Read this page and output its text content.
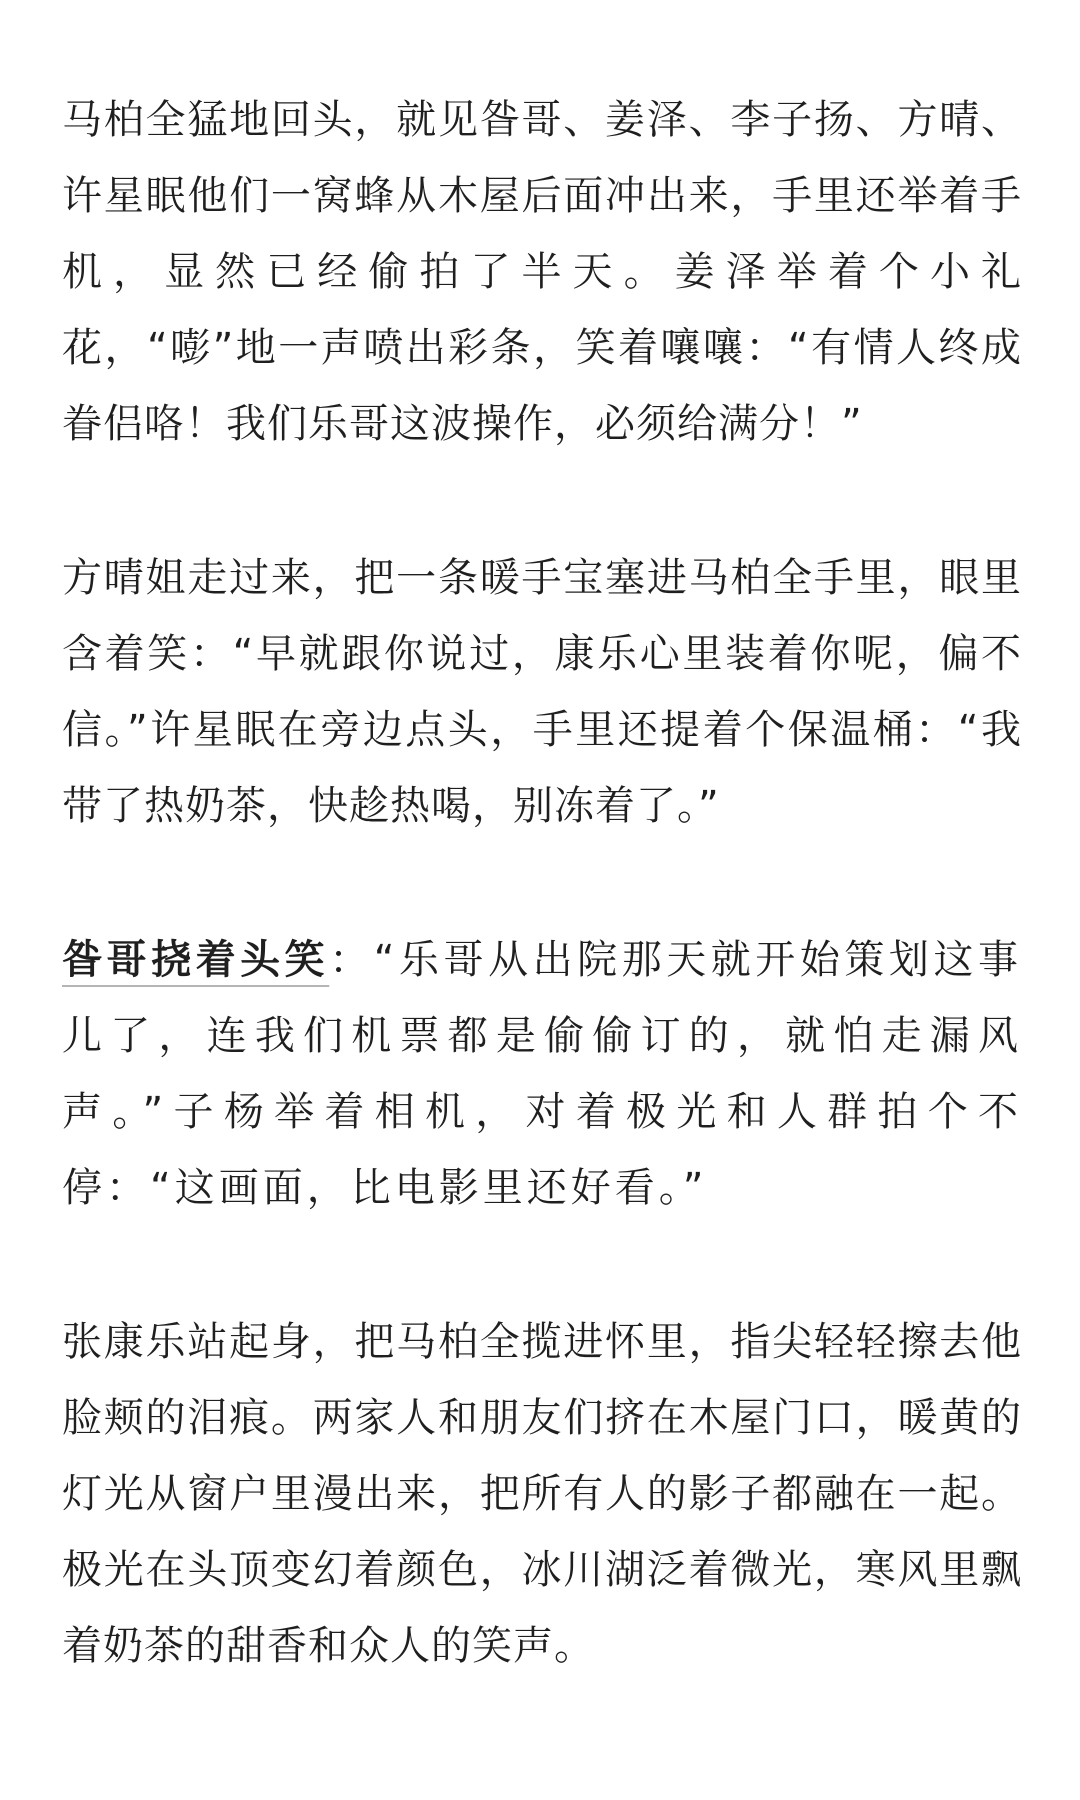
马柏全猛地回头，就见昝哥、姜泽、李子扬、方晴、许星眠他们一窝蜂从木屋后面冲出来，手里还举着手机，显然已经偷拍了半天。姜泽举着个小礼花，“嘭”地一声喷出彩条，笑着嚷嚷：“有情人终成眷侣咯！我们乐哥这波操作，必须给满分！”

方晴姐走过来，把一条暖手宝塞进马柏全手里，眼里含着笑：“早就跟你说过，康乐心里装着你呢，偏不信。”许星眠在旁边点头，手里还提着个保温桶：“我带了热奶茶，快趁热喝，别冻着了。”

昝哥挠着头笑：“乐哥从出院那天就开始策划这事儿了，连我们机票都是偷偷订的，就怕走漏风声。”子杨举着相机，对着极光和人群拍个不停：“这画面，比电影里还好看。”

张康乐站起身，把马柏全揽进怀里，指尖轻轻擦去他脸颊的泪痕。两家人和朋友们挤在木屋门口，暖黄的灯光从窗户里漫出来，把所有人的影子都融在一起。极光在头顶变幻着颜色，冰川湖泛着微光，寒风里飘着奶茶的甜香和众人的笑声。
